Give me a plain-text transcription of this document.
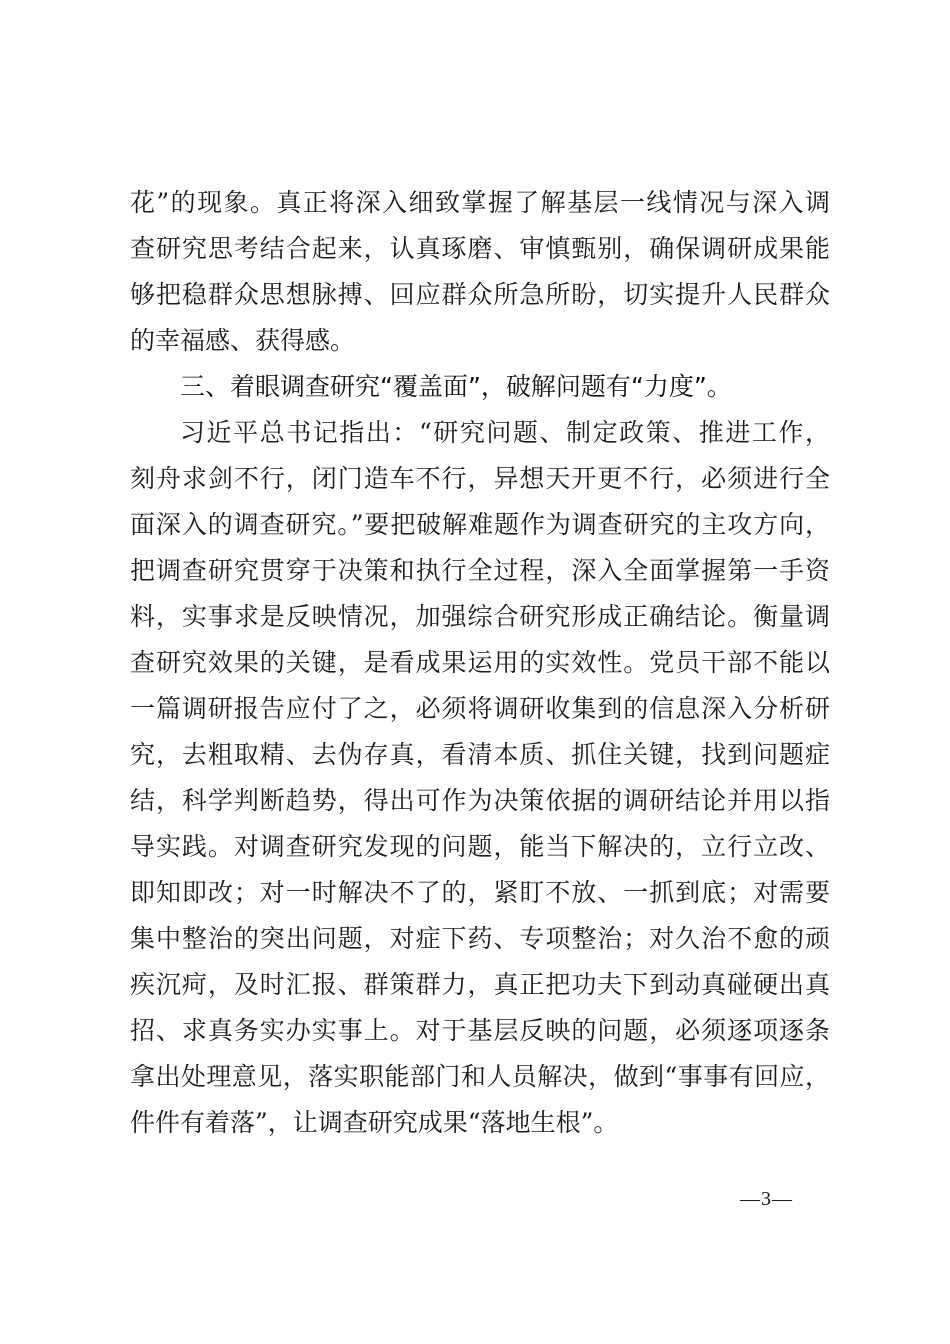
花”的现象。真正将深入细致掌握了解基层一线情况与深入调
查研究思考结合起来，认真琢磨、审慎甄别，确保调研成果能
够把稳群众思想脉搏、回应群众所急所盼，切实提升人民群众
的幸福感、获得感。
三、着眼调查研究“覆盖面”，破解问题有“力度”。
习近平总书记指出：“研究问题、制定政策、推进工作，
刻舟求剑不行，闭门造车不行，异想天开更不行，必须进行全
面深入的调查研究。”要把破解难题作为调查研究的主攻方向，
把调查研究贯穿于决策和执行全过程，深入全面掌握第一手资
料，实事求是反映情况，加强综合研究形成正确结论。衡量调
查研究效果的关键，是看成果运用的实效性。党员干部不能以
一篇调研报告应付了之，必须将调研收集到的信息深入分析研
究，去粗取精、去伪存真，看清本质、抓住关键，找到问题症
结，科学判断趋势，得出可作为决策依据的调研结论并用以指
导实践。对调查研究发现的问题，能当下解决的，立行立改、
即知即改；对一时解决不了的，紧盯不放、一抓到底；对需要
集中整治的突出问题，对症下药、专项整治；对久治不愈的顽
疾沉疴，及时汇报、群策群力，真正把功夫下到动真碰硬出真
招、求真务实办实事上。对于基层反映的问题，必须逐项逐条
拿出处理意见，落实职能部门和人员解决，做到“事事有回应，
件件有着落”，让调查研究成果“落地生根”。
—3—
